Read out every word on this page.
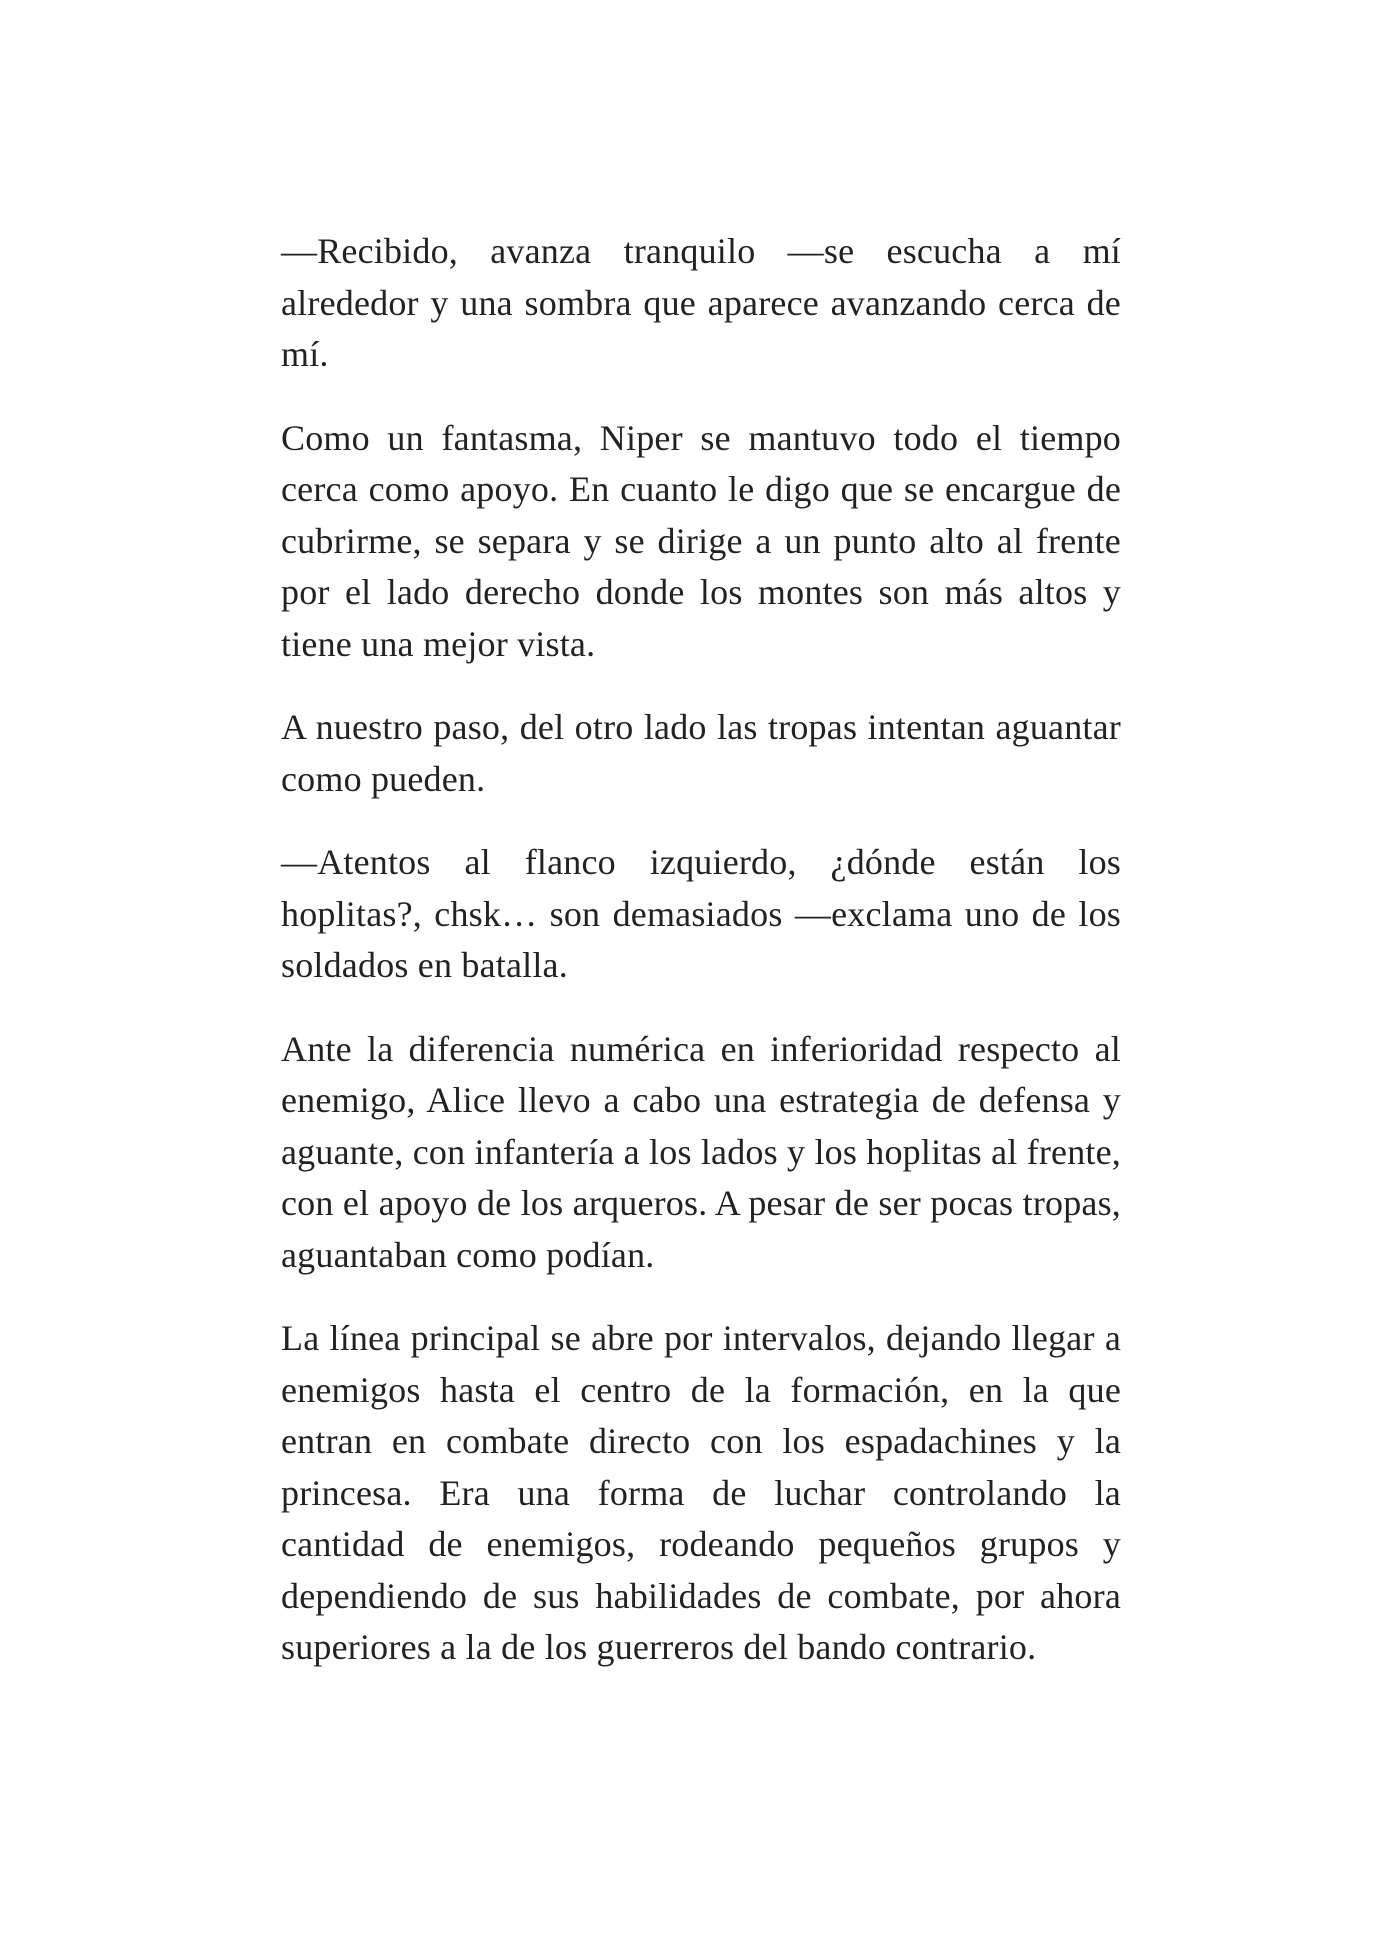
—Recibido, avanza tranquilo —se escucha a mí alrededor y una sombra que aparece avanzando cerca de mí.

Como un fantasma, Niper se mantuvo todo el tiempo cerca como apoyo. En cuanto le digo que se encargue de cubrirme, se separa y se dirige a un punto alto al frente por el lado derecho donde los montes son más altos y tiene una mejor vista.

A nuestro paso, del otro lado las tropas intentan aguantar como pueden.

—Atentos al flanco izquierdo, ¿dónde están los hoplitas?, chsk… son demasiados —exclama uno de los soldados en batalla.

Ante la diferencia numérica en inferioridad respecto al enemigo, Alice llevo a cabo una estrategia de defensa y aguante, con infantería a los lados y los hoplitas al frente, con el apoyo de los arqueros. A pesar de ser pocas tropas, aguantaban como podían.

La línea principal se abre por intervalos, dejando llegar a enemigos hasta el centro de la formación, en la que entran en combate directo con los espadachines y la princesa. Era una forma de luchar controlando la cantidad de enemigos, rodeando pequeños grupos y dependiendo de sus habilidades de combate, por ahora superiores a la de los guerreros del bando contrario.
